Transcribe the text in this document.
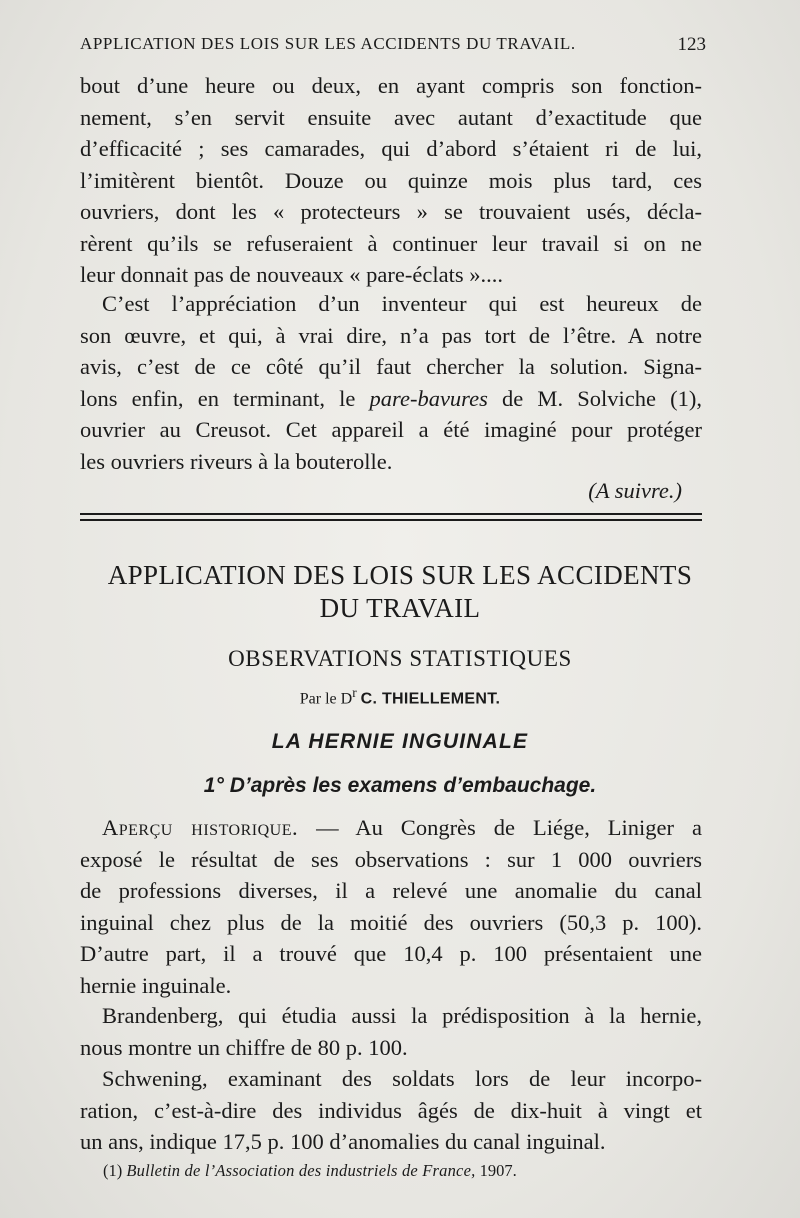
APPLICATION DES LOIS SUR LES ACCIDENTS DU TRAVAIL.	123
bout d’une heure ou deux, en ayant compris son fonction-
nement, s’en servit ensuite avec autant d’exactitude que
d’efficacité ; ses camarades, qui d’abord s’étaient ri de lui,
l’imitèrent bientôt. Douze ou quinze mois plus tard, ces
ouvriers, dont les « protecteurs » se trouvaient usés, décla-
rèrent qu’ils se refuseraient à continuer leur travail si on ne
leur donnait pas de nouveaux « pare-éclats »....
C’est l’appréciation d’un inventeur qui est heureux de
son œuvre, et qui, à vrai dire, n’a pas tort de l’être. A notre
avis, c’est de ce côté qu’il faut chercher la solution. Signa-
lons enfin, en terminant, le pare-bavures de M. Solviche (1),
ouvrier au Creusot. Cet appareil a été imaginé pour protéger
les ouvriers riveurs à la bouterolle.
(A suivre.)
APPLICATION DES LOIS SUR LES ACCIDENTS
DU TRAVAIL
OBSERVATIONS STATISTIQUES
Par le $D^r$ C. THIELLEMENT.
LA HERNIE INGUINALE
1° D’après les examens d’embauchage.
Aperçu historique. — Au Congrès de Liége, Liniger a
exposé le résultat de ses observations : sur 1 000 ouvriers
de professions diverses, il a relevé une anomalie du canal
inguinal chez plus de la moitié des ouvriers (50,3 p. 100).
D’autre part, il a trouvé que 10,4 p. 100 présentaient une
hernie inguinale.
Brandenberg, qui étudia aussi la prédisposition à la hernie,
nous montre un chiffre de 80 p. 100.
Schwening, examinant des soldats lors de leur incorpo-
ration, c’est-à-dire des individus âgés de dix-huit à vingt et
un ans, indique 17,5 p. 100 d’anomalies du canal inguinal.
(1) Bulletin de l’Association des industriels de France, 1907.
